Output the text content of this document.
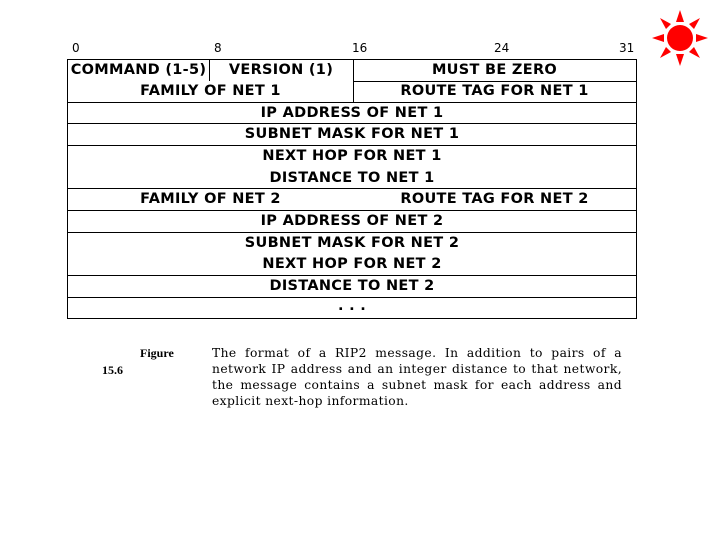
0	8	16	24	31
COMMAND (1-5)	VERSION (1)	MUST BE ZERO
FAMILY OF NET 1	ROUTE TAG FOR NET 1
IP ADDRESS OF NET 1
SUBNET MASK FOR NET 1
NEXT HOP FOR NET 1
DISTANCE TO NET 1
FAMILY OF NET 2	ROUTE TAG FOR NET 2
IP ADDRESS OF NET 2
SUBNET MASK FOR NET 2
NEXT HOP FOR NET 2
DISTANCE TO NET 2
. . .
Figure
15.6
The format of a RIP2 message. In addition to pairs of a network IP address and an integer distance to that network, the message contains a subnet mask for each address and explicit next-hop information.
